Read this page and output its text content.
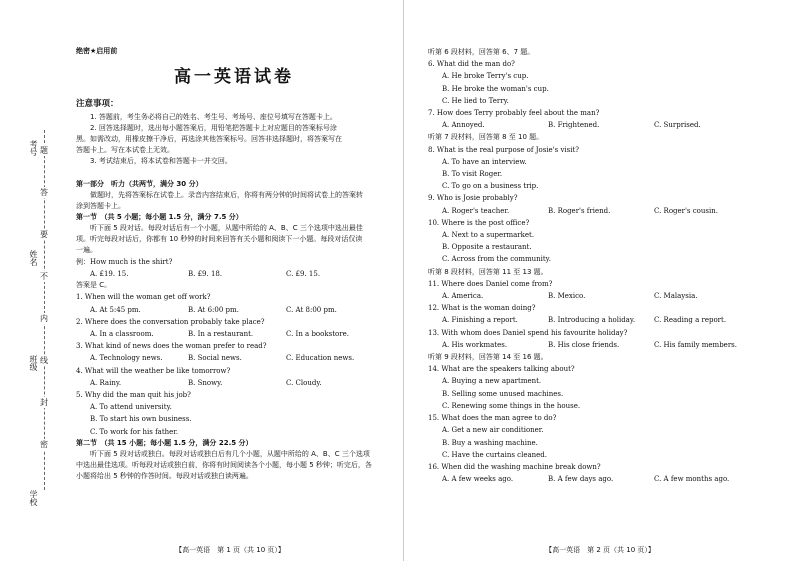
考号
姓名
班级
学校
题
答
要
不
内
线
封
密
绝密★启用前
高一英语试卷
注意事项：
1. 答题前，考生务必将自己的姓名、考生号、考场号、座位号填写在答题卡上。
2. 回答选择题时，选出每小题答案后，用铅笔把答题卡上对应题目的答案标号涂
黑。如需改动，用橡皮擦干净后，再选涂其他答案标号。回答非选择题时，将答案写在
答题卡上。写在本试卷上无效。
3. 考试结束后，将本试卷和答题卡一并交回。
第一部分　听力（共两节，满分 30 分）
做题时，先将答案标在试卷上。录音内容结束后，你将有两分钟的时间将试卷上的答案转
涂到答题卡上。
第一节　（共 5 小题；每小题 1.5 分，满分 7.5 分）
听下面 5 段对话。每段对话后有一个小题，从题中所给的 A、B、C 三个选项中选出最佳
项。听完每段对话后，你都有 10 秒钟的时间来回答有关小题和阅读下一小题。每段对话仅读
一遍。
例：How much is the shirt?
A. £19. 15.	B. £9. 18.	C. £9. 15.
答案是 C。
1. When will the woman get off work?
A. At 5:45 pm.	B. At 6:00 pm.	C. At 8:00 pm.
2. Where does the conversation probably take place?
A. In a classroom.	B. In a restaurant.	C. In a bookstore.
3. What kind of news does the woman prefer to read?
A. Technology news.	B. Social news.	C. Education news.
4. What will the weather be like tomorrow?
A. Rainy.	B. Snowy.	C. Cloudy.
5. Why did the man quit his job?
A. To attend university.
B. To start his own business.
C. To work for his father.
第二节　（共 15 小题；每小题 1.5 分，满分 22.5 分）
听下面 5 段对话或独白。每段对话或独白后有几个小题，从题中所给的 A、B、C 三个选项
中选出最佳选项。听每段对话或独白前，你将有时间阅读各个小题，每小题 5 秒钟；听完后，各
小题将给出 5 秒钟的作答时间。每段对话或独白读两遍。
【高一英语　第 1 页（共 10 页）】
听第 6 段材料，回答第 6、7 题。
6. What did the man do?
A. He broke Terry's cup.
B. He broke the woman's cup.
C. He lied to Terry.
7. How does Terry probably feel about the man?
A. Annoyed.	B. Frightened.	C. Surprised.
听第 7 段材料，回答第 8 至 10 题。
8. What is the real purpose of Josie's visit?
A. To have an interview.
B. To visit Roger.
C. To go on a business trip.
9. Who is Josie probably?
A. Roger's teacher.	B. Roger's friend.	C. Roger's cousin.
10. Where is the post office?
A. Next to a supermarket.
B. Opposite a restaurant.
C. Across from the community.
听第 8 段材料，回答第 11 至 13 题。
11. Where does Daniel come from?
A. America.	B. Mexico.	C. Malaysia.
12. What is the woman doing?
A. Finishing a report.	B. Introducing a holiday.	C. Reading a report.
13. With whom does Daniel spend his favourite holiday?
A. His workmates.	B. His close friends.	C. His family members.
听第 9 段材料，回答第 14 至 16 题。
14. What are the speakers talking about?
A. Buying a new apartment.
B. Selling some unused machines.
C. Renewing some things in the house.
15. What does the man agree to do?
A. Get a new air conditioner.
B. Buy a washing machine.
C. Have the curtains cleaned.
16. When did the washing machine break down?
A. A few weeks ago.	B. A few days ago.	C. A few months ago.
【高一英语　第 2 页（共 10 页）】
